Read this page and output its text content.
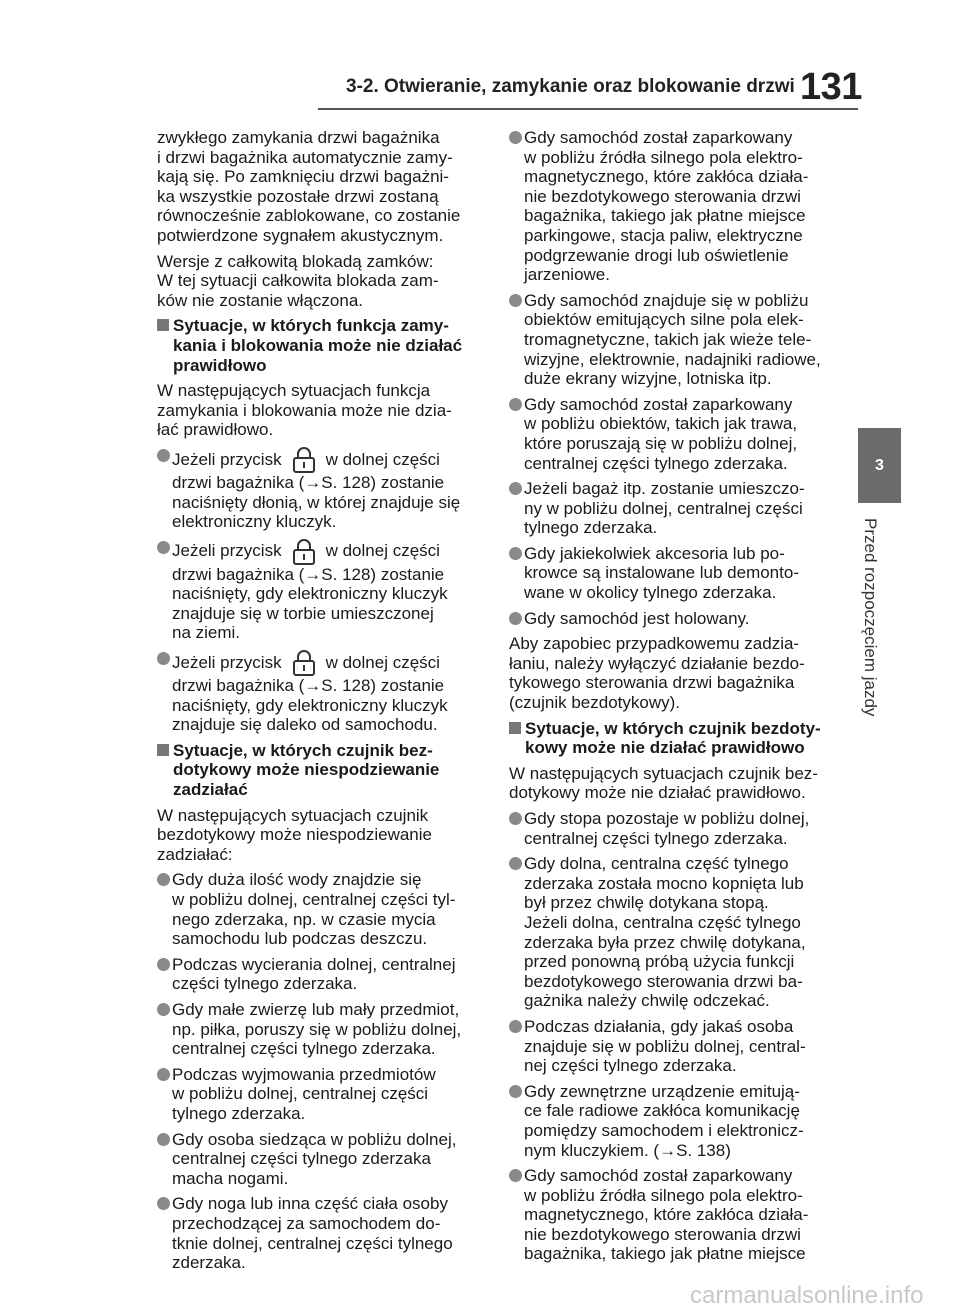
3-2. Otwieranie, zamykanie oraz blokowanie drzwi 131
3
Przed rozpoczęciem jazdy

zwykłego zamykania drzwi bagażnika
i drzwi bagażnika automatycznie zamy-
kają się. Po zamknięciu drzwi bagażni-
ka wszystkie pozostałe drzwi zostaną
równocześnie zablokowane, co zostanie
potwierdzone sygnałem akustycznym.

Wersje z całkowitą blokadą zamków:
W tej sytuacji całkowita blokada zam-
ków nie zostanie włączona.

Sytuacje, w których funkcja zamy-
kania i blokowania może nie działać
prawidłowo

W następujących sytuacjach funkcja
zamykania i blokowania może nie dzia-
łać prawidłowo.

Jeżeli przycisk	w dolnej części
drzwi bagażnika (→S. 128) zostanie
naciśnięty dłonią, w której znajduje się
elektroniczny kluczyk.
Jeżeli przycisk	w dolnej części
drzwi bagażnika (→S. 128) zostanie
naciśnięty, gdy elektroniczny kluczyk
znajduje się w torbie umieszczonej
na ziemi.
Jeżeli przycisk	w dolnej części
drzwi bagażnika (→S. 128) zostanie
naciśnięty, gdy elektroniczny kluczyk
znajduje się daleko od samochodu.
Sytuacje, w których czujnik bez-
dotykowy może niespodziewanie
zadziałać

W następujących sytuacjach czujnik
bezdotykowy może niespodziewanie
zadziałać:

Gdy duża ilość wody znajdzie się
w pobliżu dolnej, centralnej części tyl-
nego zderzaka, np. w czasie mycia
samochodu lub podczas deszczu.
Podczas wycierania dolnej, centralnej
części tylnego zderzaka.
Gdy małe zwierzę lub mały przedmiot,
np. piłka, poruszy się w pobliżu dolnej,
centralnej części tylnego zderzaka.
Podczas wyjmowania przedmiotów
w pobliżu dolnej, centralnej części
tylnego zderzaka.
Gdy osoba siedząca w pobliżu dolnej,
centralnej części tylnego zderzaka
macha nogami.
Gdy noga lub inna część ciała osoby
przechodzącej za samochodem do-
tknie dolnej, centralnej części tylnego
zderzaka.
Gdy samochód został zaparkowany
w pobliżu źródła silnego pola elektro-
magnetycznego, które zakłóca działa-
nie bezdotykowego sterowania drzwi
bagażnika, takiego jak płatne miejsce
parkingowe, stacja paliw, elektryczne
podgrzewanie drogi lub oświetlenie
jarzeniowe.
Gdy samochód znajduje się w pobliżu
obiektów emitujących silne pola elek-
tromagnetyczne, takich jak wieże tele-
wizyjne, elektrownie, nadajniki radiowe,
duże ekrany wizyjne, lotniska itp.
Gdy samochód został zaparkowany
w pobliżu obiektów, takich jak trawa,
które poruszają się w pobliżu dolnej,
centralnej części tylnego zderzaka.
Jeżeli bagaż itp. zostanie umieszczo-
ny w pobliżu dolnej, centralnej części
tylnego zderzaka.
Gdy jakiekolwiek akcesoria lub po-
krowce są instalowane lub demonto-
wane w okolicy tylnego zderzaka.
Gdy samochód jest holowany.

Aby zapobiec przypadkowemu zadzia-
łaniu, należy wyłączyć działanie bezdo-
tykowego sterowania drzwi bagażnika
(czujnik bezdotykowy).

Sytuacje, w których czujnik bezdoty-
kowy może nie działać prawidłowo

W następujących sytuacjach czujnik bez-
dotykowy może nie działać prawidłowo.

Gdy stopa pozostaje w pobliżu dolnej,
centralnej części tylnego zderzaka.
Gdy dolna, centralna część tylnego
zderzaka została mocno kopnięta lub
był przez chwilę dotykana stopą.
Jeżeli dolna, centralna część tylnego
zderzaka była przez chwilę dotykana,
przed ponowną próbą użycia funkcji
bezdotykowego sterowania drzwi ba-
gażnika należy chwilę odczekać.
Podczas działania, gdy jakaś osoba
znajduje się w pobliżu dolnej, central-
nej części tylnego zderzaka.
Gdy zewnętrzne urządzenie emitują-
ce fale radiowe zakłóca komunikację
pomiędzy samochodem i elektronicz-
nym kluczykiem. (→S. 138)
Gdy samochód został zaparkowany
w pobliżu źródła silnego pola elektro-
magnetycznego, które zakłóca działa-
nie bezdotykowego sterowania drzwi
bagażnika, takiego jak płatne miejsce
carmanualsonline.info
